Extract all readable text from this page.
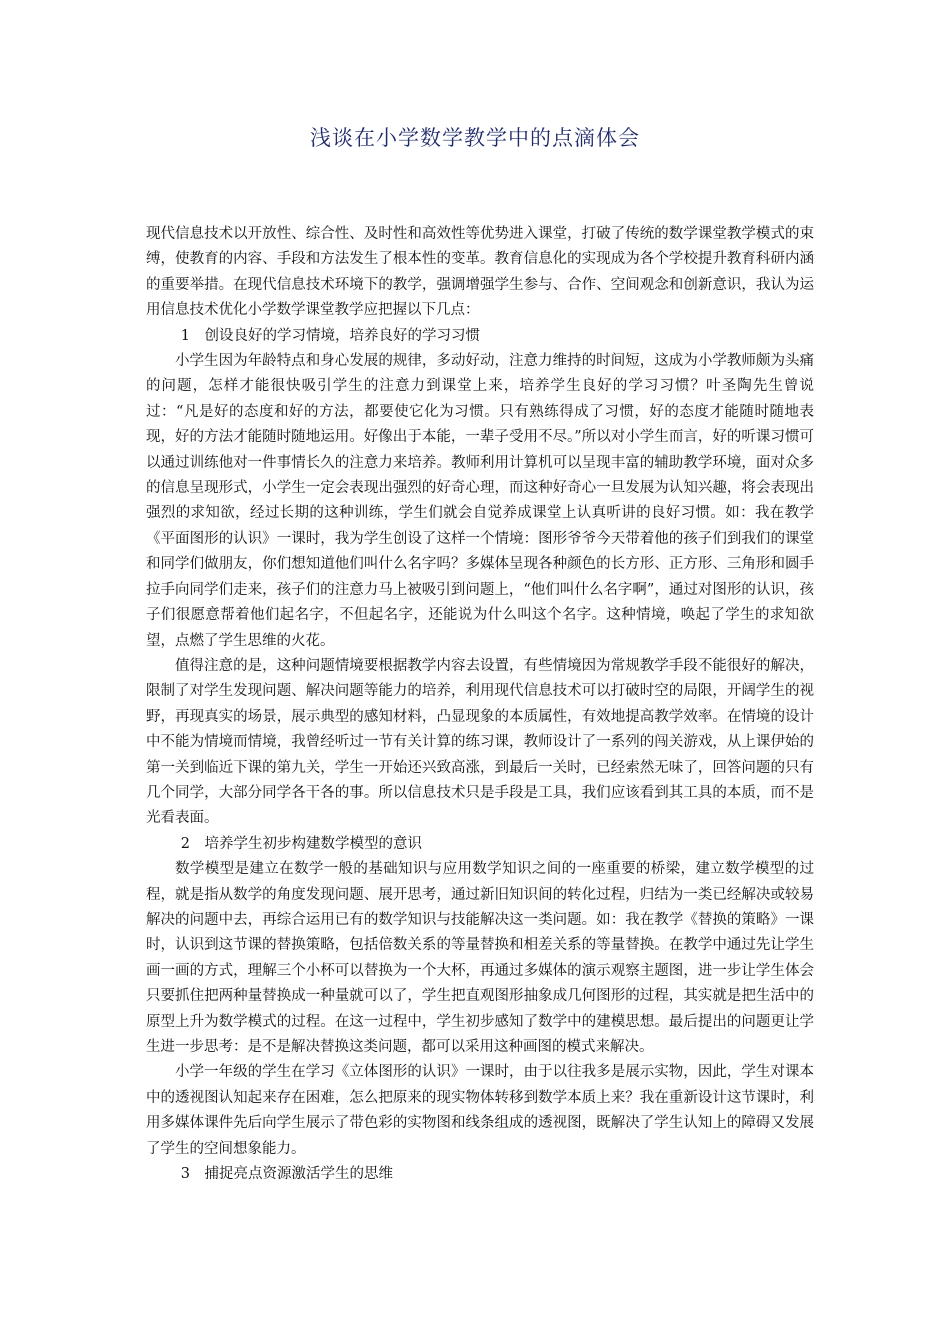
浅谈在小学数学教学中的点滴体会

现代信息技术以开放性、综合性、及时性和高效性等优势进入课堂，打破了传统的数学课堂教学模式的束缚，使教育的内容、手段和方法发生了根本性的变革。教育信息化的实现成为各个学校提升教育科研内涵的重要举措。在现代信息技术环境下的教学，强调增强学生参与、合作、空间观念和创新意识，我认为运用信息技术优化小学数学课堂教学应把握以下几点：

1　创设良好的学习情境，培养良好的学习习惯

小学生因为年龄特点和身心发展的规律，多动好动，注意力维持的时间短，这成为小学教师颇为头痛的问题，怎样才能很快吸引学生的注意力到课堂上来，培养学生良好的学习习惯？叶圣陶先生曾说过：“凡是好的态度和好的方法，都要使它化为习惯。只有熟练得成了习惯，好的态度才能随时随地表现，好的方法才能随时随地运用。好像出于本能，一辈子受用不尽。”所以对小学生而言，好的听课习惯可以通过训练他对一件事情长久的注意力来培养。教师利用计算机可以呈现丰富的辅助教学环境，面对众多的信息呈现形式，小学生一定会表现出强烈的好奇心理，而这种好奇心一旦发展为认知兴趣，将会表现出强烈的求知欲，经过长期的这种训练，学生们就会自觉养成课堂上认真听讲的良好习惯。如：我在教学《平面图形的认识》一课时，我为学生创设了这样一个情境：图形爷爷今天带着他的孩子们到我们的课堂和同学们做朋友，你们想知道他们叫什么名字吗？多媒体呈现各种颜色的长方形、正方形、三角形和圆手拉手向同学们走来，孩子们的注意力马上被吸引到问题上，“他们叫什么名字啊”，通过对图形的认识，孩子们很愿意帮着他们起名字，不但起名字，还能说为什么叫这个名字。这种情境，唤起了学生的求知欲望，点燃了学生思维的火花。

值得注意的是，这种问题情境要根据教学内容去设置，有些情境因为常规教学手段不能很好的解决，限制了对学生发现问题、解决问题等能力的培养，利用现代信息技术可以打破时空的局限，开阔学生的视野，再现真实的场景，展示典型的感知材料，凸显现象的本质属性，有效地提高教学效率。在情境的设计中不能为情境而情境，我曾经听过一节有关计算的练习课，教师设计了一系列的闯关游戏，从上课伊始的第一关到临近下课的第九关，学生一开始还兴致高涨，到最后一关时，已经索然无味了，回答问题的只有几个同学，大部分同学各干各的事。所以信息技术只是手段是工具，我们应该看到其工具的本质，而不是光看表面。

2　培养学生初步构建数学模型的意识

数学模型是建立在数学一般的基础知识与应用数学知识之间的一座重要的桥梁，建立数学模型的过程，就是指从数学的角度发现问题、展开思考，通过新旧知识间的转化过程，归结为一类已经解决或较易解决的问题中去，再综合运用已有的数学知识与技能解决这一类问题。如：我在教学《替换的策略》一课时，认识到这节课的替换策略，包括倍数关系的等量替换和相差关系的等量替换。在教学中通过先让学生画一画的方式，理解三个小杯可以替换为一个大杯，再通过多媒体的演示观察主题图，进一步让学生体会只要抓住把两种量替换成一种量就可以了，学生把直观图形抽象成几何图形的过程，其实就是把生活中的原型上升为数学模式的过程。在这一过程中，学生初步感知了数学中的建模思想。最后提出的问题更让学生进一步思考：是不是解决替换这类问题，都可以采用这种画图的模式来解决。

小学一年级的学生在学习《立体图形的认识》一课时，由于以往我多是展示实物，因此，学生对课本中的透视图认知起来存在困难，怎么把原来的现实物体转移到数学本质上来？我在重新设计这节课时，利用多媒体课件先后向学生展示了带色彩的实物图和线条组成的透视图，既解决了学生认知上的障碍又发展了学生的空间想象能力。

3　捕捉亮点资源激活学生的思维
